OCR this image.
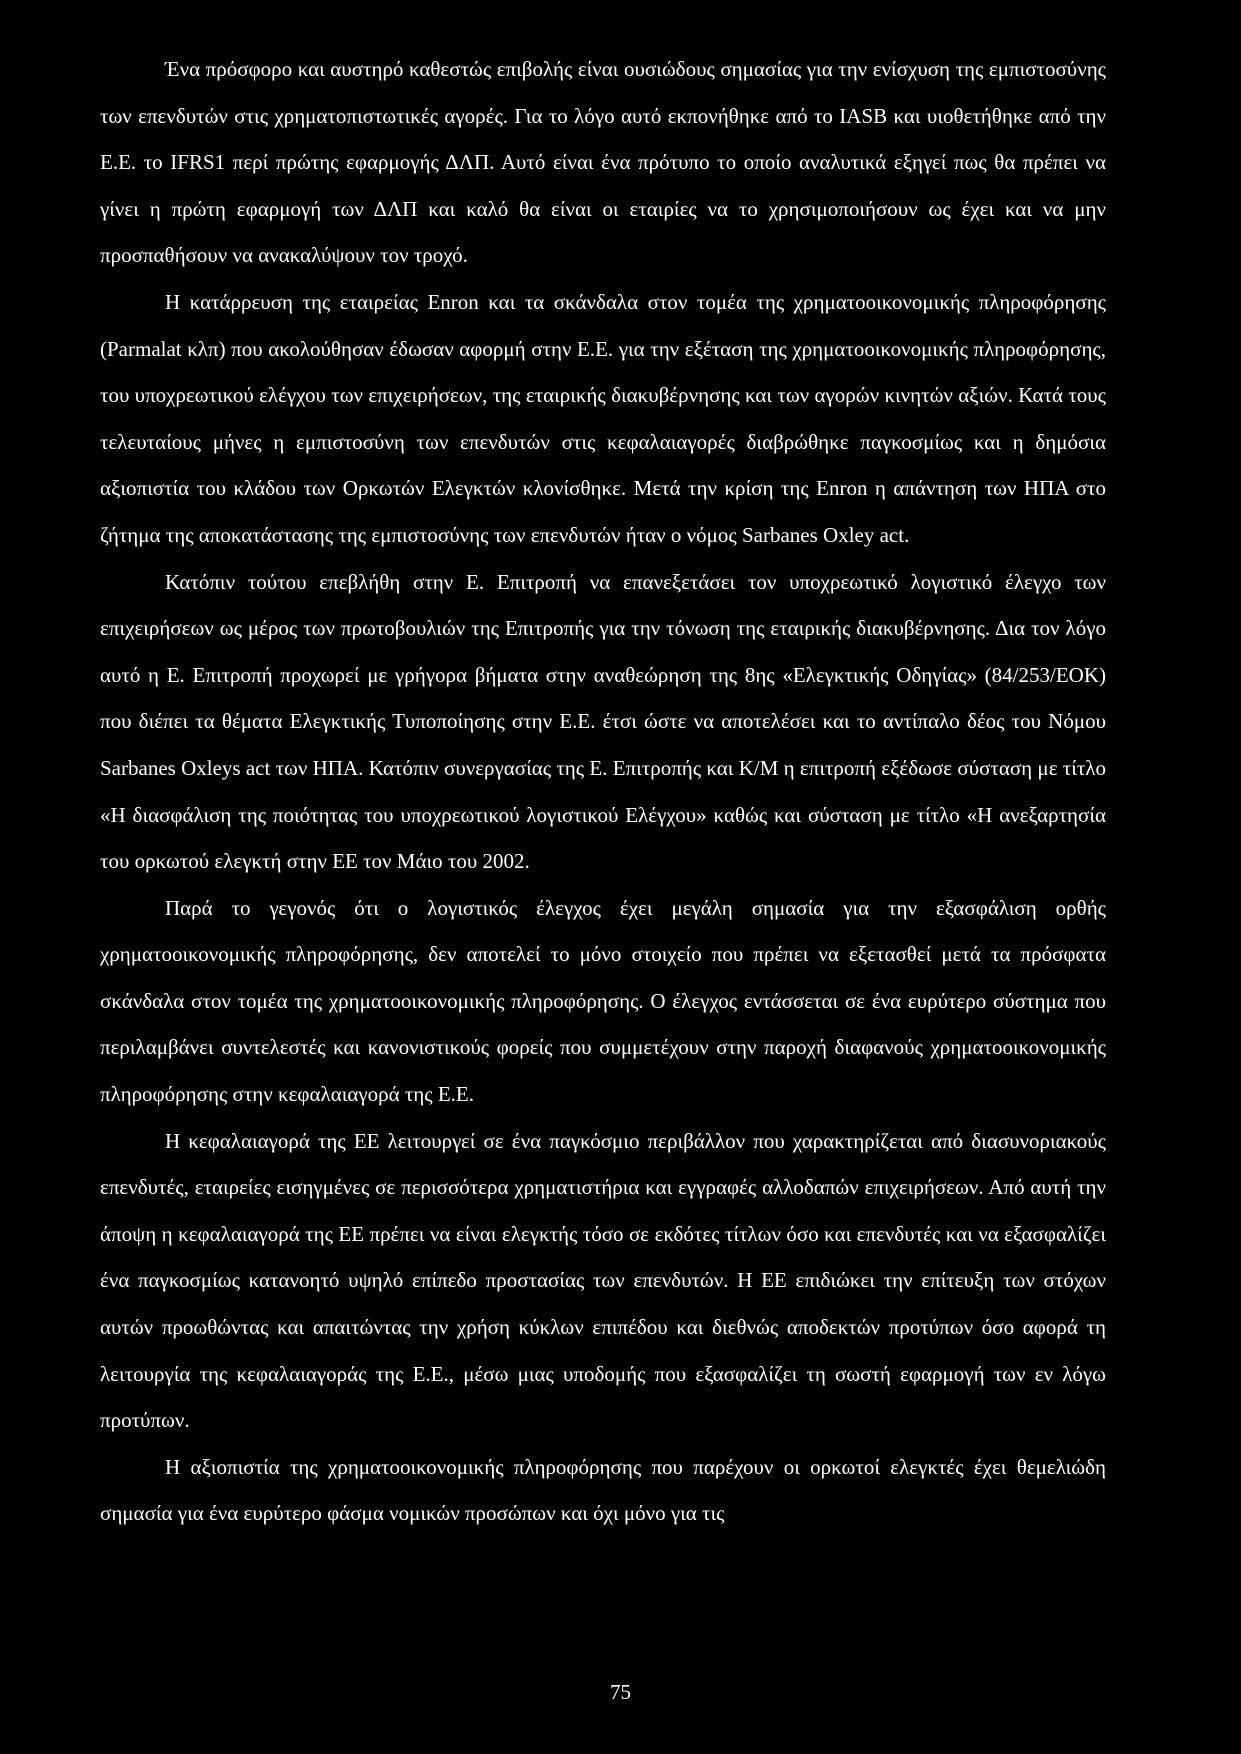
Ένα πρόσφορο και αυστηρό καθεστώς επιβολής είναι ουσιώδους σημασίας για την ενίσχυση της εμπιστοσύνης των επενδυτών στις χρηματοπιστωτικές αγορές. Για το λόγο αυτό εκπονήθηκε από το IASB και υιοθετήθηκε από την Ε.Ε. το IFRS1 περί πρώτης εφαρμογής ΔΛΠ. Αυτό είναι ένα πρότυπο το οποίο αναλυτικά εξηγεί πως θα πρέπει να γίνει η πρώτη εφαρμογή των ΔΛΠ και καλό θα είναι οι εταιρίες να το χρησιμοποιήσουν ως έχει και να μην προσπαθήσουν να ανακαλύψουν τον τροχό.

Η κατάρρευση της εταιρείας Enron και τα σκάνδαλα στον τομέα της χρηματοοικονομικής πληροφόρησης (Parmalat κλπ) που ακολούθησαν έδωσαν αφορμή στην Ε.Ε. για την εξέταση της χρηματοοικονομικής πληροφόρησης, του υποχρεωτικού ελέγχου των επιχειρήσεων, της εταιρικής διακυβέρνησης και των αγορών κινητών αξιών. Κατά τους τελευταίους μήνες η εμπιστοσύνη των επενδυτών στις κεφαλαιαγορές διαβρώθηκε παγκοσμίως και η δημόσια αξιοπιστία του κλάδου των Ορκωτών Ελεγκτών κλονίσθηκε. Μετά την κρίση της Enron η απάντηση των ΗΠΑ στο ζήτημα της αποκατάστασης της εμπιστοσύνης των επενδυτών ήταν ο νόμος Sarbanes Oxley act.

Κατόπιν τούτου επεβλήθη στην Ε. Επιτροπή να επανεξετάσει τον υποχρεωτικό λογιστικό έλεγχο των επιχειρήσεων ως μέρος των πρωτοβουλιών της Επιτροπής για την τόνωση της εταιρικής διακυβέρνησης. Δια τον λόγο αυτό η Ε. Επιτροπή προχωρεί με γρήγορα βήματα στην αναθεώρηση της 8ης «Ελεγκτικής Οδηγίας» (84/253/ΕΟΚ) που διέπει τα θέματα Ελεγκτικής Τυποποίησης στην Ε.Ε. έτσι ώστε να αποτελέσει και το αντίπαλο δέος του Νόμου Sarbanes Oxleys act των ΗΠΑ. Κατόπιν συνεργασίας της Ε. Επιτροπής και Κ/Μ η επιτροπή εξέδωσε σύσταση με τίτλο «Η διασφάλιση της ποιότητας του υποχρεωτικού λογιστικού Ελέγχου» καθώς και σύσταση με τίτλο «Η ανεξαρτησία του ορκωτού ελεγκτή στην ΕΕ τον Μάιο του 2002.

Παρά το γεγονός ότι ο λογιστικός έλεγχος έχει μεγάλη σημασία για την εξασφάλιση ορθής χρηματοοικονομικής πληροφόρησης, δεν αποτελεί το μόνο στοιχείο που πρέπει να εξετασθεί μετά τα πρόσφατα σκάνδαλα στον τομέα της χρηματοοικονομικής πληροφόρησης. Ο έλεγχος εντάσσεται σε ένα ευρύτερο σύστημα που περιλαμβάνει συντελεστές και κανονιστικούς φορείς που συμμετέχουν στην παροχή διαφανούς χρηματοοικονομικής πληροφόρησης στην κεφαλαιαγορά της Ε.Ε.

Η κεφαλαιαγορά της ΕΕ λειτουργεί σε ένα παγκόσμιο περιβάλλον που χαρακτηρίζεται από διασυνοριακούς επενδυτές, εταιρείες εισηγμένες σε περισσότερα χρηματιστήρια και εγγραφές αλλοδαπών επιχειρήσεων. Από αυτή την άποψη η κεφαλαιαγορά της ΕΕ πρέπει να είναι ελεγκτής τόσο σε εκδότες τίτλων όσο και επενδυτές και να εξασφαλίζει ένα παγκοσμίως κατανοητό υψηλό επίπεδο προστασίας των επενδυτών. Η ΕΕ επιδιώκει την επίτευξη των στόχων αυτών προωθώντας και απαιτώντας την χρήση κύκλων επιπέδου και διεθνώς αποδεκτών προτύπων όσο αφορά τη λειτουργία της κεφαλαιαγοράς της Ε.Ε., μέσω μιας υποδομής που εξασφαλίζει τη σωστή εφαρμογή των εν λόγω προτύπων.

Η αξιοπιστία της χρηματοοικονομικής πληροφόρησης που παρέχουν οι ορκωτοί ελεγκτές έχει θεμελιώδη σημασία για ένα ευρύτερο φάσμα νομικών προσώπων και όχι μόνο για τις

75
